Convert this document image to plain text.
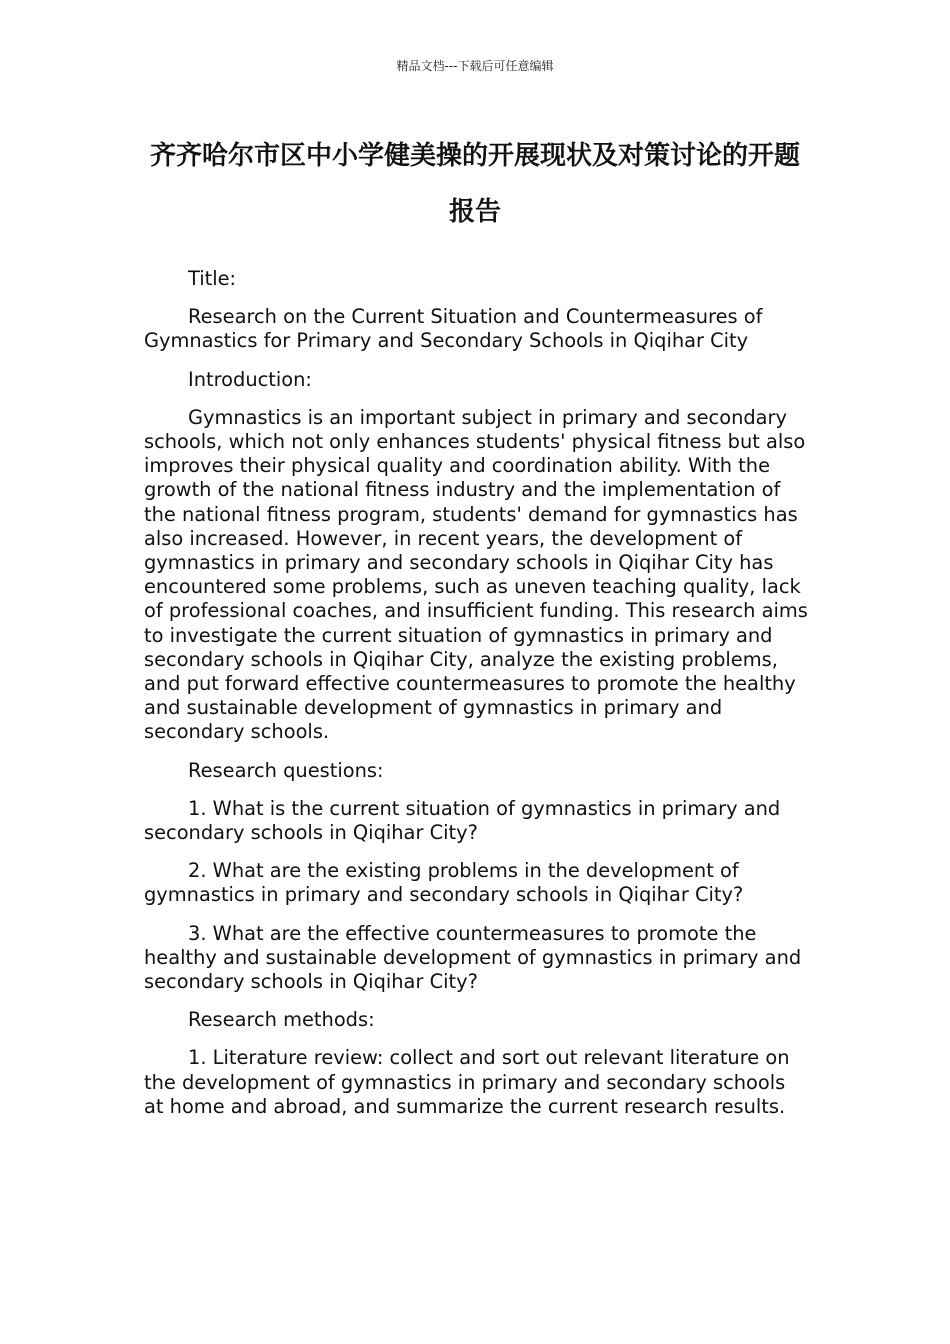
精品文档---下载后可任意编辑
齐齐哈尔市区中小学健美操的开展现状及对策讨论的开题报告

Title:

Research on the Current Situation and Countermeasures of Gymnastics for Primary and Secondary Schools in Qiqihar City

Introduction:

Gymnastics is an important subject in primary and secondary schools, which not only enhances students' physical fitness but also improves their physical quality and coordination ability. With the growth of the national fitness industry and the implementation of the national fitness program, students' demand for gymnastics has also increased. However, in recent years, the development of gymnastics in primary and secondary schools in Qiqihar City has encountered some problems, such as uneven teaching quality, lack of professional coaches, and insufficient funding. This research aims to investigate the current situation of gymnastics in primary and secondary schools in Qiqihar City, analyze the existing problems, and put forward effective countermeasures to promote the healthy and sustainable development of gymnastics in primary and secondary schools.

Research questions:

1. What is the current situation of gymnastics in primary and secondary schools in Qiqihar City?

2. What are the existing problems in the development of gymnastics in primary and secondary schools in Qiqihar City?

3. What are the effective countermeasures to promote the healthy and sustainable development of gymnastics in primary and secondary schools in Qiqihar City?

Research methods:

1. Literature review: collect and sort out relevant literature on the development of gymnastics in primary and secondary schools at home and abroad, and summarize the current research results.
